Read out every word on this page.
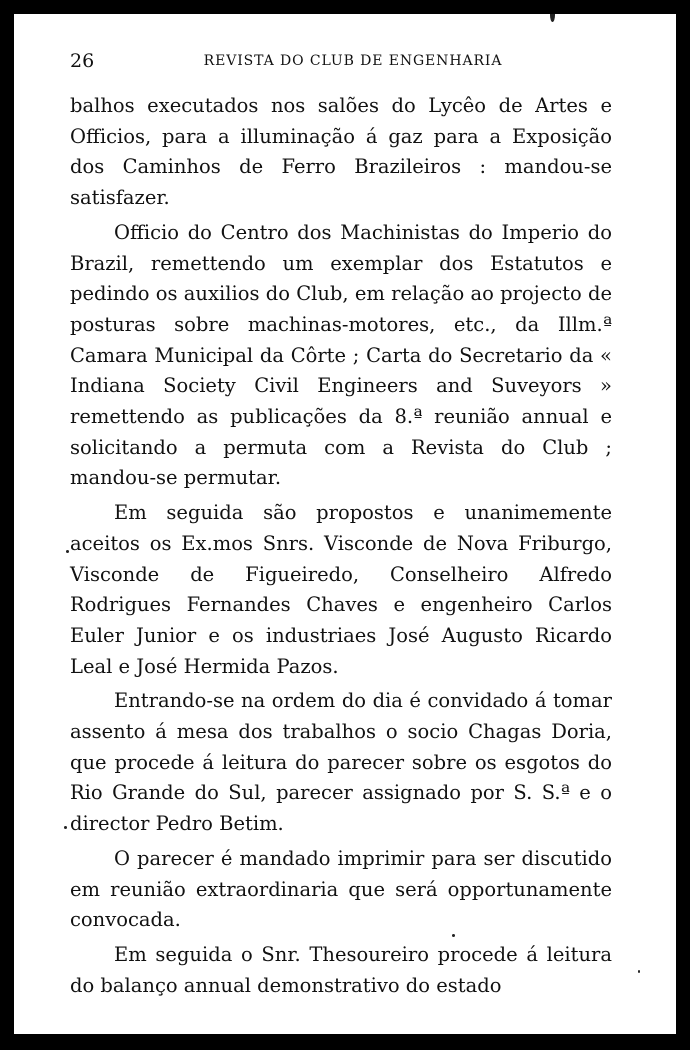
26	REVISTA DO CLUB DE ENGENHARIA

balhos executados nos salões do Lycêo de Artes e Officios, para a illuminação á gaz para a Exposição dos Caminhos de Ferro Brazileiros : mandou-se satisfazer.

Officio do Centro dos Machinistas do Imperio do Brazil, remettendo um exemplar dos Estatutos e pedindo os auxilios do Club, em relação ao projecto de posturas sobre machinas-motores, etc., da Illm.ª Camara Municipal da Côrte ; Carta do Secretario da « Indiana Society Civil Engineers and Suveyors » remettendo as publicações da 8.ª reunião annual e solicitando a permuta com a Revista do Club ; mandou-se permutar.

Em seguida são propostos e unanimemente aceitos os Ex.mos Snrs. Visconde de Nova Friburgo, Visconde de Figueiredo, Conselheiro Alfredo Rodrigues Fernandes Chaves e engenheiro Carlos Euler Junior e os industriaes José Augusto Ricardo Leal e José Hermida Pazos.

Entrando-se na ordem do dia é convidado á tomar assento á mesa dos trabalhos o socio Chagas Doria, que procede á leitura do parecer sobre os esgotos do Rio Grande do Sul, parecer assignado por S. S.ª e o director Pedro Betim.

O parecer é mandado imprimir para ser discutido em reunião extraordinaria que será opportunamente convocada.

Em seguida o Snr. Thesoureiro procede á leitura do balanço annual demonstrativo do estado
